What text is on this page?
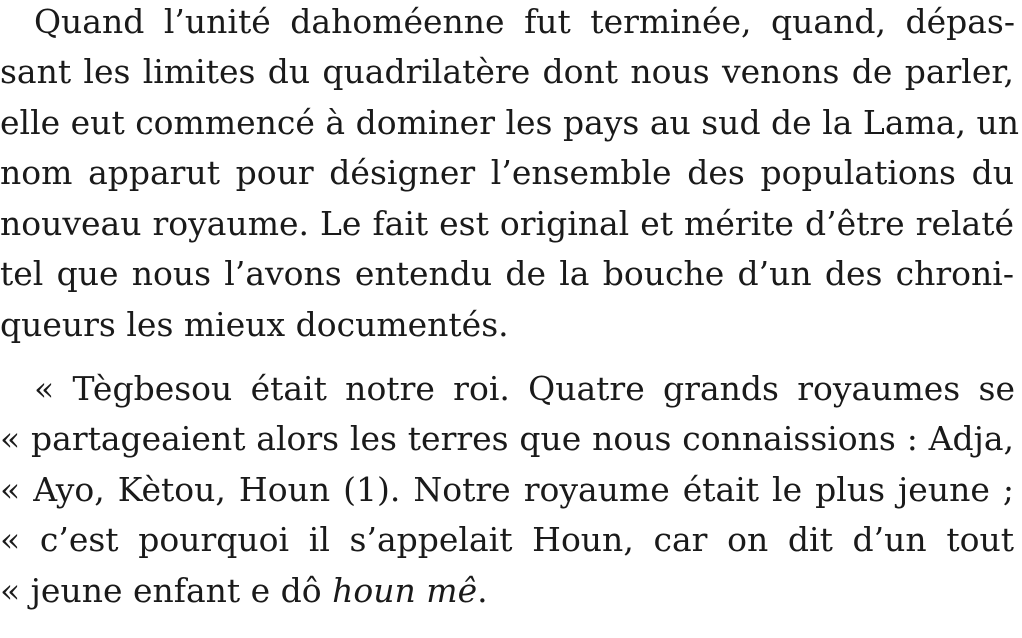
Quand l’unité dahoméenne fut terminée, quand, dépas-
sant les limites du quadrilatère dont nous venons de parler,
elle eut commencé à dominer les pays au sud de la Lama, un
nom apparut pour désigner l’ensemble des populations du
nouveau royaume. Le fait est original et mérite d’être relaté
tel que nous l’avons entendu de la bouche d’un des chroni-
queurs les mieux documentés.
« Tègbesou était notre roi. Quatre grands royaumes se
« partageaient alors les terres que nous connaissions : Adja,
« Ayo, Kètou, Houn (1). Notre royaume était le plus jeune ;
« c’est pourquoi il s’appelait Houn, car on dit d’un tout
« jeune enfant e dô houn mê.
